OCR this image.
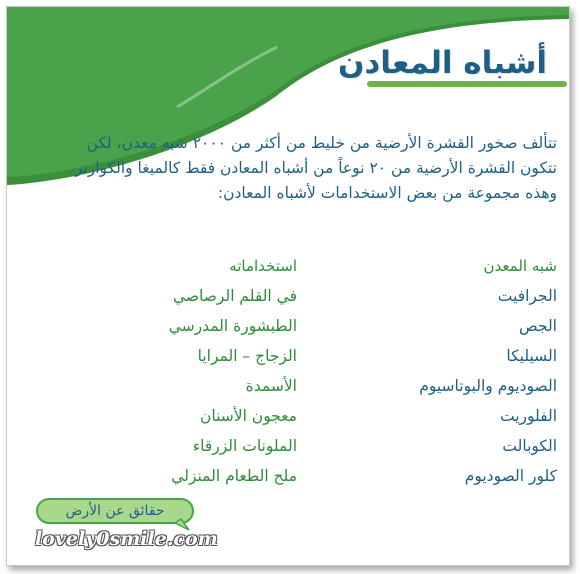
أشباه المعادن

تتألف صخور القشرة الأرضية من خليط من أكثر من ٢٠٠٠ شبه معدن، لكن تتكون القشرة الأرضية من ٢٠ نوعاً من أشباه المعادن فقط كالميغا والكوارتز وهذه مجموعة من بعض الاستخدامات لأشباه المعادن:

شبه المعدن
استخداماته
الجرافيت
في القلم الرصاصي
الجص
الطبشورة المدرسي
السيليكا
الزجاج – المرايا
الصوديوم والبوتاسيوم
الأسمدة
الفلوريت
معجون الأسنان
الكوبالت
الملونات الزرقاء
كلور الصوديوم
ملح الطعام المنزلي
حقائق عن الأرض
lovely0smile.com
